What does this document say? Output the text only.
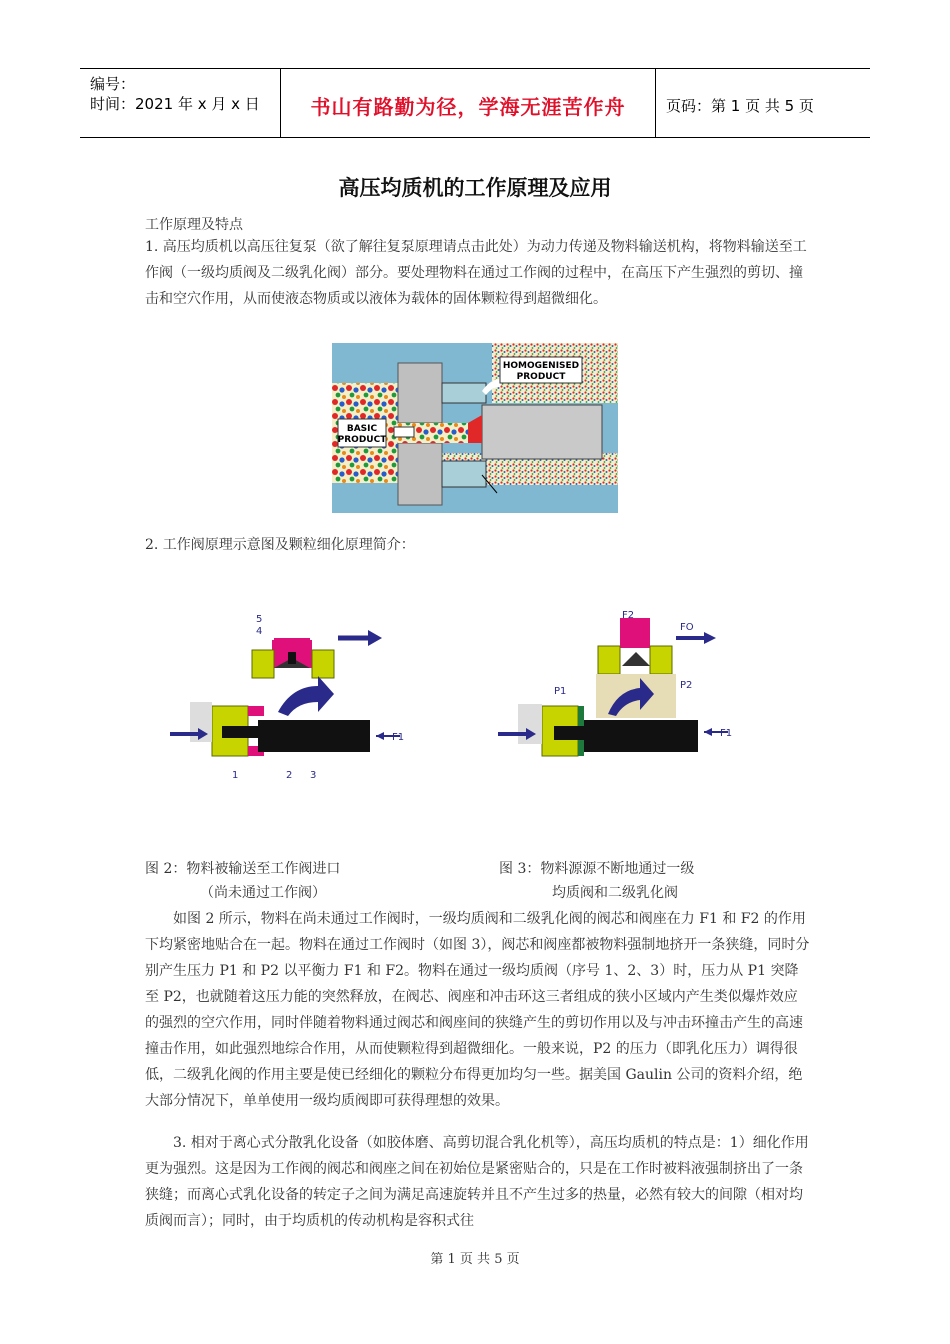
编号：
时间：2021 年 x 月 x 日	书山有路勤为径，学海无涯苦作舟	页码：第 1 页 共 5 页
高压均质机的工作原理及应用
工作原理及特点
1. 高压均质机以高压往复泵（欲了解往复泵原理请点击此处）为动力传递及物料输送机构，将物料输送至工作阀（一级均质阀及二级乳化阀）部分。要处理物料在通过工作阀的过程中，在高压下产生强烈的剪切、撞击和空穴作用，从而使液态物质或以液体为载体的固体颗粒得到超微细化。
BASIC
PRODUCT
HOMOGENISED
PRODUCT
2. 工作阀原理示意图及颗粒细化原理简介：
5
4
F1
1	2 3
F2
FO
P1
P2
F1
图 2：物料被输送至工作阀进口
（尚未通过工作阀）
图 3：物料源源不断地通过一级
均质阀和二级乳化阀
如图 2 所示，物料在尚未通过工作阀时，一级均质阀和二级乳化阀的阀芯和阀座在力 F1 和 F2 的作用下均紧密地贴合在一起。物料在通过工作阀时（如图 3），阀芯和阀座都被物料强制地挤开一条狭缝，同时分别产生压力 P1 和 P2 以平衡力 F1 和 F2。物料在通过一级均质阀（序号 1、2、3）时，压力从 P1 突降至 P2，也就随着这压力能的突然释放，在阀芯、阀座和冲击环这三者组成的狭小区域内产生类似爆炸效应的强烈的空穴作用，同时伴随着物料通过阀芯和阀座间的狭缝产生的剪切作用以及与冲击环撞击产生的高速撞击作用，如此强烈地综合作用，从而使颗粒得到超微细化。一般来说，P2 的压力（即乳化压力）调得很低，二级乳化阀的作用主要是使已经细化的颗粒分布得更加均匀一些。据美国 Gaulin 公司的资料介绍，绝大部分情况下，单单使用一级均质阀即可获得理想的效果。
3. 相对于离心式分散乳化设备（如胶体磨、高剪切混合乳化机等），高压均质机的特点是：1）细化作用更为强烈。这是因为工作阀的阀芯和阀座之间在初始位是紧密贴合的，只是在工作时被料液强制挤出了一条狭缝；而离心式乳化设备的转定子之间为满足高速旋转并且不产生过多的热量，必然有较大的间隙（相对均质阀而言）；同时，由于均质机的传动机构是容积式往
第 1 页 共 5 页
